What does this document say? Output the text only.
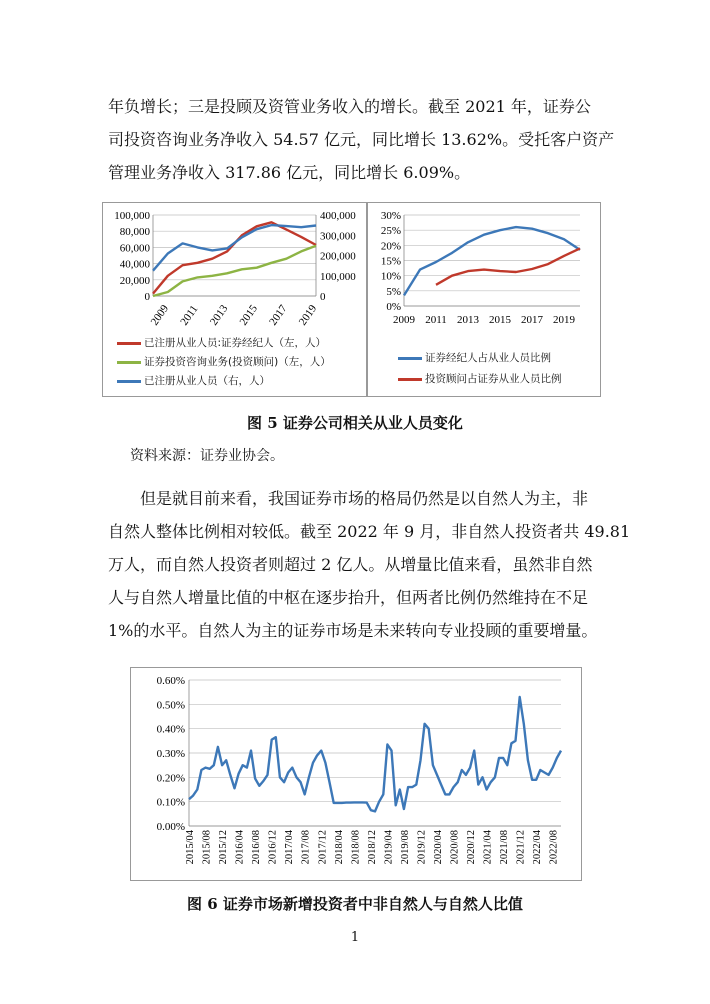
年负增长；三是投顾及资管业务收入的增长。截至 2021 年，证券公
司投资咨询业务净收入 54.57 亿元，同比增长 13.62%。受托客户资产
管理业务净收入 317.86 亿元，同比增长 6.09%。
0
20,000
40,000
60,000
80,000
100,000
0
100,000
200,000
300,000
400,000
2009 2011 2013 2015 2017 2019
已注册从业人员:证券经纪人（左，人）
证券投资咨询业务(投资顾问)（左，人）
已注册从业人员（右，人）
0%
5%
10%
15%
20%
25%
30%
2009 2011 2013 2015 2017 2019
证券经纪人占从业人员比例
投资顾问占证券从业人员比例
图 5 证券公司相关从业人员变化
资料来源：证券业协会。
但是就目前来看，我国证券市场的格局仍然是以自然人为主，非
自然人整体比例相对较低。截至 2022 年 9 月，非自然人投资者共 49.81
万人，而自然人投资者则超过 2 亿人。从增量比值来看，虽然非自然
人与自然人增量比值的中枢在逐步抬升，但两者比例仍然维持在不足
1%的水平。自然人为主的证券市场是未来转向专业投顾的重要增量。
0.00%
0.10%
0.20%
0.30%
0.40%
0.50%
0.60%
2015/04 2015/08 2015/12 2016/04 2016/08 2016/12 2017/04 2017/08 2017/12 2018/04 2018/08 2018/12 2019/04 2019/08 2019/12 2020/04 2020/08 2020/12 2021/04 2021/08 2021/12 2022/04 2022/08
图 6 证券市场新增投资者中非自然人与自然人比值
1
